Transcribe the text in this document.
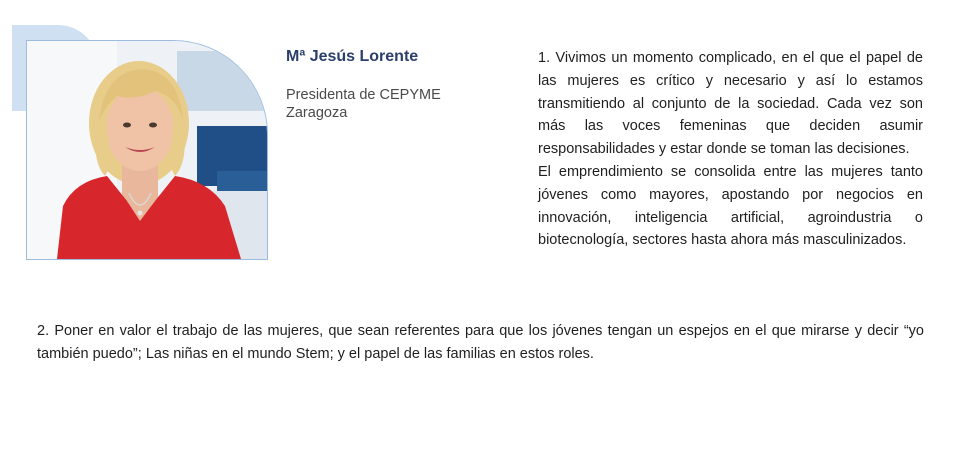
Mª Jesús Lorente
Presidenta de CEPYME
Zaragoza

1. Vivimos un momento complicado, en el que el papel de las mujeres es crítico y necesario y así lo estamos transmitiendo al conjunto de la sociedad. Cada vez son más las voces femeninas que deciden asumir responsabilidades y estar donde se toman las decisiones.

El emprendimiento se consolida entre las mujeres tanto jóvenes como mayores, apostando por negocios en innovación, inteligencia artificial, agroindustria o biotecnología, sectores hasta ahora más masculinizados.

2. Poner en valor el trabajo de las mujeres, que sean referentes para que los jóvenes tengan un espejos en el que mirarse y decir “yo también puedo”; Las niñas en el mundo Stem; y el papel de las familias en estos roles.
